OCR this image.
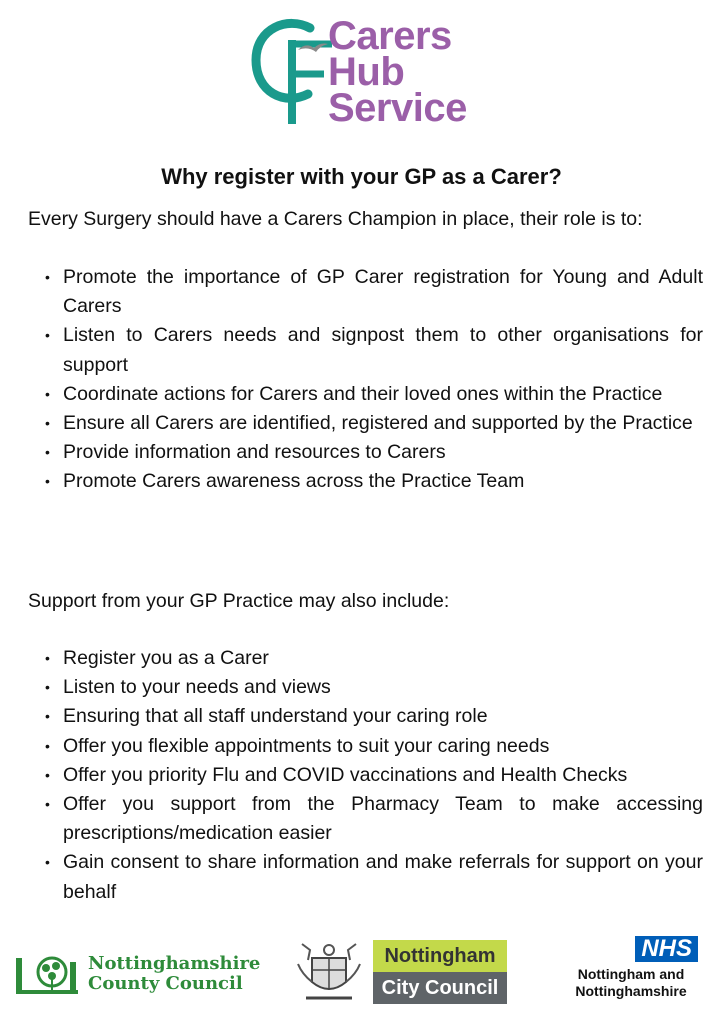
Carers
Hub
Service
Why register with your GP as a Carer?

Every Surgery should have a Carers Champion in place, their role is to:

• Promote the importance of GP Carer registration for Young and Adult Carers
• Listen to Carers needs and signpost them to other organisations for support
• Coordinate actions for Carers and their loved ones within the Practice
• Ensure all Carers are identified, registered and supported by the Practice
• Provide information and resources to Carers
• Promote Carers awareness across the Practice Team

Support from your GP Practice may also include:

• Register you as a Carer
• Listen to your needs and views
• Ensuring that all staff understand your caring role
• Offer you flexible appointments to suit your caring needs
• Offer you priority Flu and COVID vaccinations and Health Checks
• Offer you support from the Pharmacy Team to make accessing prescriptions/medication easier
• Gain consent to share information and make referrals for support on your behalf
Nottinghamshire
County Council
Nottingham
City Council
NHS
Nottingham and
Nottinghamshire
